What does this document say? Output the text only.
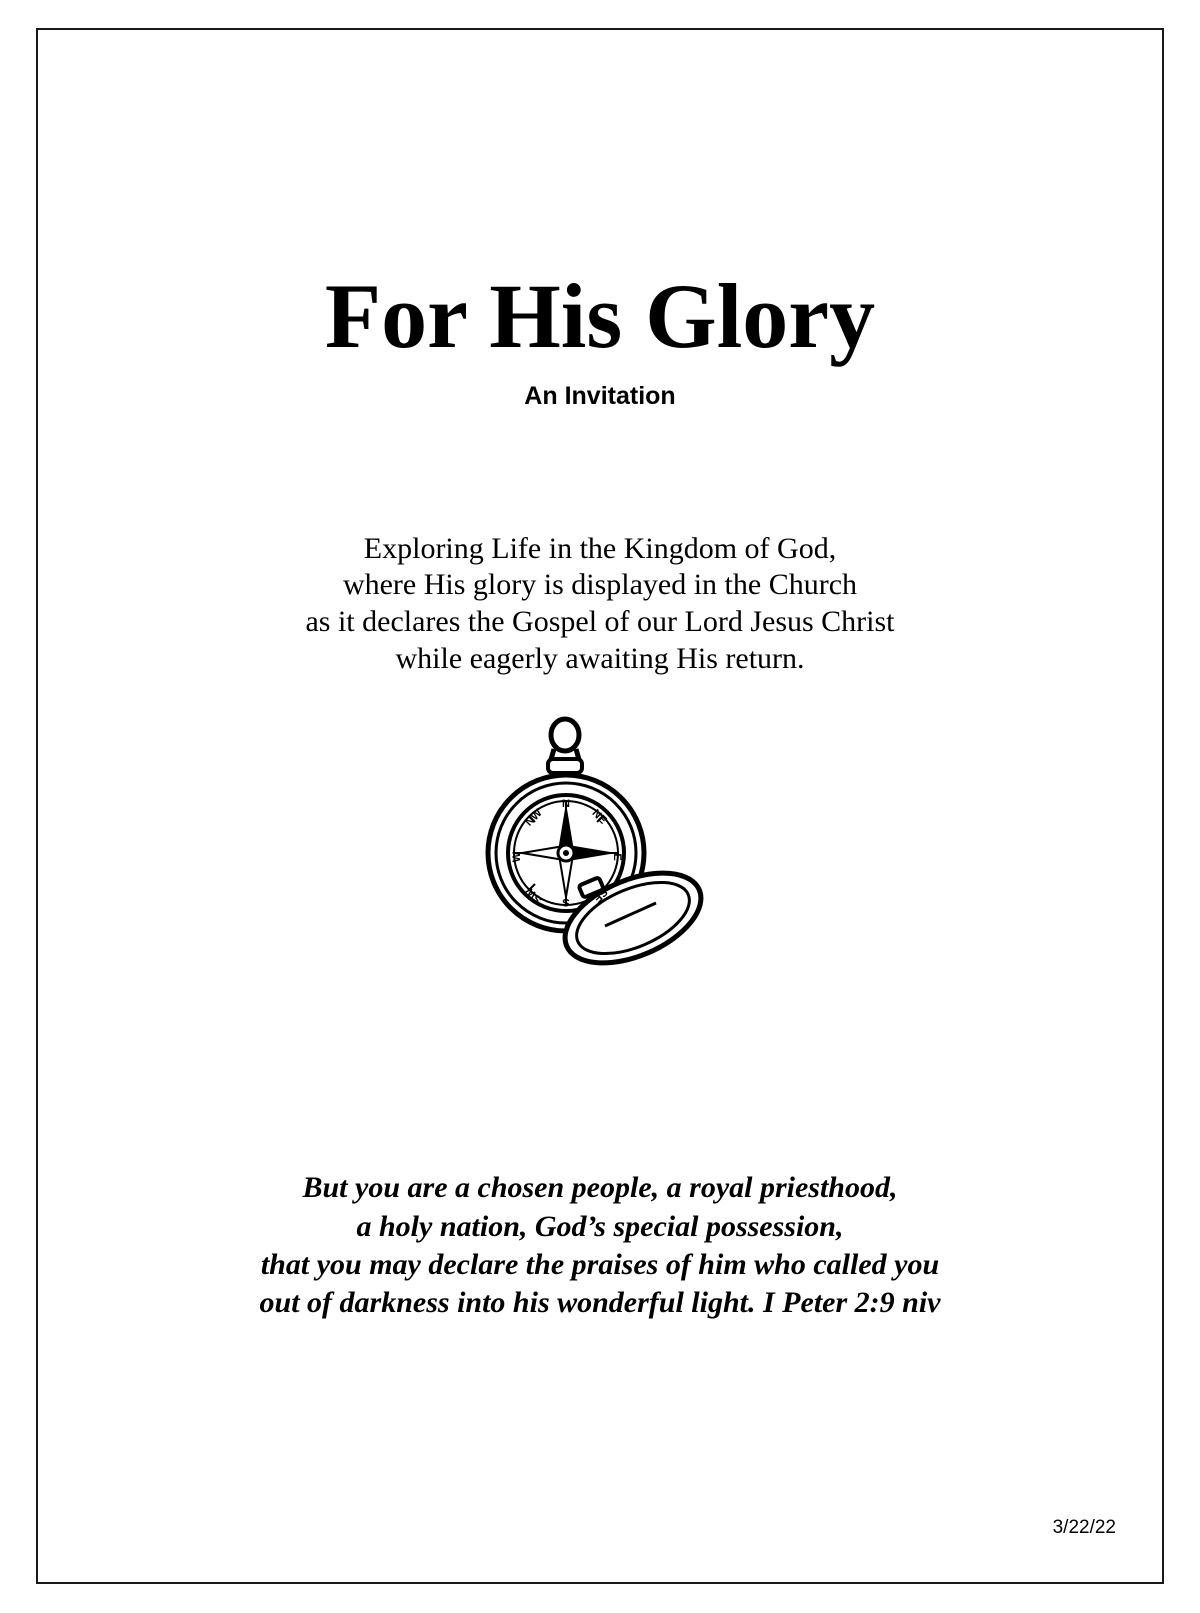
For His Glory
An Invitation
Exploring Life in the Kingdom of God,
where His glory is displayed in the Church
as it declares the Gospel of our Lord Jesus Christ
while eagerly awaiting His return.
N
NE
E
SE
S
SW
W
NW
But you are a chosen people, a royal priesthood,
a holy nation, God’s special possession,
that you may declare the praises of him who called you
out of darkness into his wonderful light. I Peter 2:9 niv
3/22/22
